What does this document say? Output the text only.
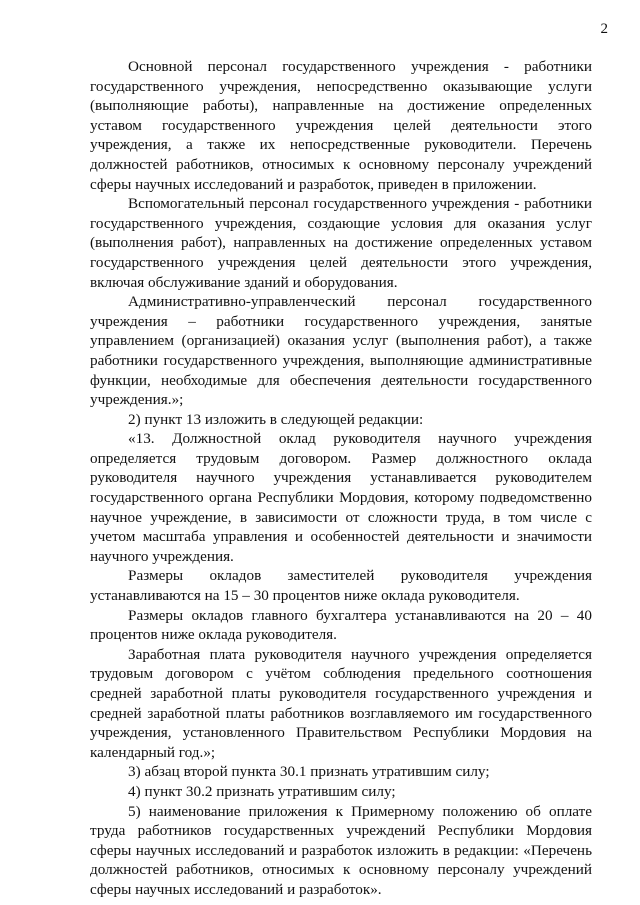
2

Основной персонал государственного учреждения - работники государственного учреждения, непосредственно оказывающие услуги (выполняющие работы), направленные на достижение определенных уставом государственного учреждения целей деятельности этого учреждения, а также их непосредственные руководители. Перечень должностей работников, относимых к основному персоналу учреждений сферы научных исследований и разработок, приведен в приложении.

Вспомогательный персонал государственного учреждения - работники государственного учреждения, создающие условия для оказания услуг (выполнения работ), направленных на достижение определенных уставом государственного учреждения целей деятельности этого учреждения, включая обслуживание зданий и оборудования.

Административно-управленческий персонал государственного учреждения – работники государственного учреждения, занятые управлением (организацией) оказания услуг (выполнения работ), а также работники государственного учреждения, выполняющие административные функции, необходимые для обеспечения деятельности государственного учреждения.»;

2) пункт 13 изложить в следующей редакции:

«13. Должностной оклад руководителя научного учреждения определяется трудовым договором. Размер должностного оклада руководителя научного учреждения устанавливается руководителем государственного органа Республики Мордовия, которому подведомственно научное учреждение, в зависимости от сложности труда, в том числе с учетом масштаба управления и особенностей деятельности и значимости научного учреждения.

Размеры окладов заместителей руководителя учреждения устанавливаются на 15 – 30 процентов ниже оклада руководителя.

Размеры окладов главного бухгалтера устанавливаются на 20 – 40 процентов ниже оклада руководителя.

Заработная плата руководителя научного учреждения определяется трудовым договором с учётом соблюдения предельного соотношения средней заработной платы руководителя государственного учреждения и средней заработной платы работников возглавляемого им государственного учреждения, установленного Правительством Республики Мордовия на календарный год.»;

3) абзац второй пункта 30.1 признать утратившим силу;

4) пункт 30.2 признать утратившим силу;

5) наименование приложения к Примерному положению об оплате труда работников государственных учреждений Республики Мордовия сферы научных исследований и разработок изложить в редакции: «Перечень должностей работников, относимых к основному персоналу учреждений сферы научных исследований и разработок».
